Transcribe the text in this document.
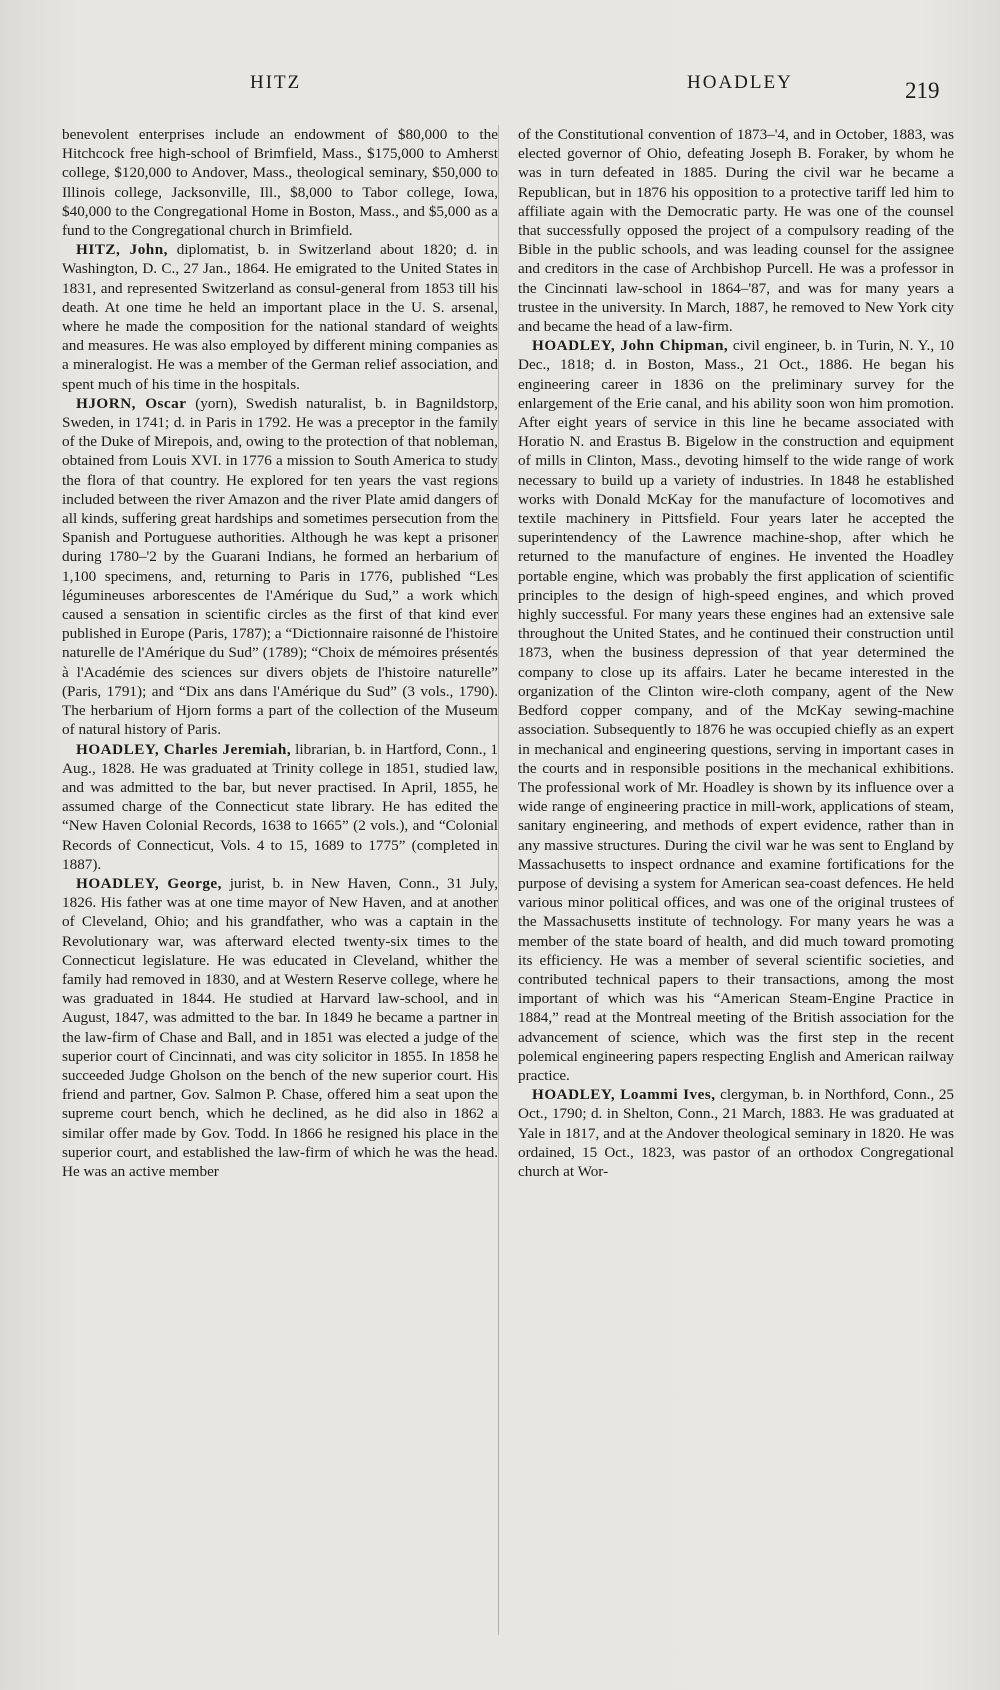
HITZ	HOADLEY	219

benevolent enterprises include an endowment of $80,000 to the Hitchcock free high-school of Brimfield, Mass., $175,000 to Amherst college, $120,000 to Andover, Mass., theological seminary, $50,000 to Illinois college, Jacksonville, Ill., $8,000 to Tabor college, Iowa, $40,000 to the Congregational Home in Boston, Mass., and $5,000 as a fund to the Congregational church in Brimfield.

HITZ, John, diplomatist, b. in Switzerland about 1820; d. in Washington, D. C., 27 Jan., 1864. He emigrated to the United States in 1831, and represented Switzerland as consul-general from 1853 till his death. At one time he held an important place in the U. S. arsenal, where he made the composition for the national standard of weights and measures. He was also employed by different mining companies as a mineralogist. He was a member of the German relief association, and spent much of his time in the hospitals.

HJORN, Oscar (yorn), Swedish naturalist, b. in Bagnildstorp, Sweden, in 1741; d. in Paris in 1792. He was a preceptor in the family of the Duke of Mirepois, and, owing to the protection of that nobleman, obtained from Louis XVI. in 1776 a mission to South America to study the flora of that country. He explored for ten years the vast regions included between the river Amazon and the river Plate amid dangers of all kinds, suffering great hardships and sometimes persecution from the Spanish and Portuguese authorities. Although he was kept a prisoner during 1780–'2 by the Guarani Indians, he formed an herbarium of 1,100 specimens, and, returning to Paris in 1776, published “Les légumineuses arborescentes de l'Amérique du Sud,” a work which caused a sensation in scientific circles as the first of that kind ever published in Europe (Paris, 1787); a “Dictionnaire raisonné de l'histoire naturelle de l'Amérique du Sud” (1789); “Choix de mémoires présentés à l'Académie des sciences sur divers objets de l'histoire naturelle” (Paris, 1791); and “Dix ans dans l'Amérique du Sud” (3 vols., 1790). The herbarium of Hjorn forms a part of the collection of the Museum of natural history of Paris.

HOADLEY, Charles Jeremiah, librarian, b. in Hartford, Conn., 1 Aug., 1828. He was graduated at Trinity college in 1851, studied law, and was admitted to the bar, but never practised. In April, 1855, he assumed charge of the Connecticut state library. He has edited the “New Haven Colonial Records, 1638 to 1665” (2 vols.), and “Colonial Records of Connecticut, Vols. 4 to 15, 1689 to 1775” (completed in 1887).

HOADLEY, George, jurist, b. in New Haven, Conn., 31 July, 1826. His father was at one time mayor of New Haven, and at another of Cleveland, Ohio; and his grandfather, who was a captain in the Revolutionary war, was afterward elected twenty-six times to the Connecticut legislature. He was educated in Cleveland, whither the family had removed in 1830, and at Western Reserve college, where he was graduated in 1844. He studied at Harvard law-school, and in August, 1847, was admitted to the bar. In 1849 he became a partner in the law-firm of Chase and Ball, and in 1851 was elected a judge of the superior court of Cincinnati, and was city solicitor in 1855. In 1858 he succeeded Judge Gholson on the bench of the new superior court. His friend and partner, Gov. Salmon P. Chase, offered him a seat upon the supreme court bench, which he declined, as he did also in 1862 a similar offer made by Gov. Todd. In 1866 he resigned his place in the superior court, and established the law-firm of which he was the head. He was an active member

of the Constitutional convention of 1873–'4, and in October, 1883, was elected governor of Ohio, defeating Joseph B. Foraker, by whom he was in turn defeated in 1885. During the civil war he became a Republican, but in 1876 his opposition to a protective tariff led him to affiliate again with the Democratic party. He was one of the counsel that successfully opposed the project of a compulsory reading of the Bible in the public schools, and was leading counsel for the assignee and creditors in the case of Archbishop Purcell. He was a professor in the Cincinnati law-school in 1864–'87, and was for many years a trustee in the university. In March, 1887, he removed to New York city and became the head of a law-firm.

HOADLEY, John Chipman, civil engineer, b. in Turin, N. Y., 10 Dec., 1818; d. in Boston, Mass., 21 Oct., 1886. He began his engineering career in 1836 on the preliminary survey for the enlargement of the Erie canal, and his ability soon won him promotion. After eight years of service in this line he became associated with Horatio N. and Erastus B. Bigelow in the construction and equipment of mills in Clinton, Mass., devoting himself to the wide range of work necessary to build up a variety of industries. In 1848 he established works with Donald McKay for the manufacture of locomotives and textile machinery in Pittsfield. Four years later he accepted the superintendency of the Lawrence machine-shop, after which he returned to the manufacture of engines. He invented the Hoadley portable engine, which was probably the first application of scientific principles to the design of high-speed engines, and which proved highly successful. For many years these engines had an extensive sale throughout the United States, and he continued their construction until 1873, when the business depression of that year determined the company to close up its affairs. Later he became interested in the organization of the Clinton wire-cloth company, agent of the New Bedford copper company, and of the McKay sewing-machine association. Subsequently to 1876 he was occupied chiefly as an expert in mechanical and engineering questions, serving in important cases in the courts and in responsible positions in the mechanical exhibitions. The professional work of Mr. Hoadley is shown by its influence over a wide range of engineering practice in mill-work, applications of steam, sanitary engineering, and methods of expert evidence, rather than in any massive structures. During the civil war he was sent to England by Massachusetts to inspect ordnance and examine fortifications for the purpose of devising a system for American sea-coast defences. He held various minor political offices, and was one of the original trustees of the Massachusetts institute of technology. For many years he was a member of the state board of health, and did much toward promoting its efficiency. He was a member of several scientific societies, and contributed technical papers to their transactions, among the most important of which was his “American Steam-Engine Practice in 1884,” read at the Montreal meeting of the British association for the advancement of science, which was the first step in the recent polemical engineering papers respecting English and American railway practice.

HOADLEY, Loammi Ives, clergyman, b. in Northford, Conn., 25 Oct., 1790; d. in Shelton, Conn., 21 March, 1883. He was graduated at Yale in 1817, and at the Andover theological seminary in 1820. He was ordained, 15 Oct., 1823, was pastor of an orthodox Congregational church at Wor-
